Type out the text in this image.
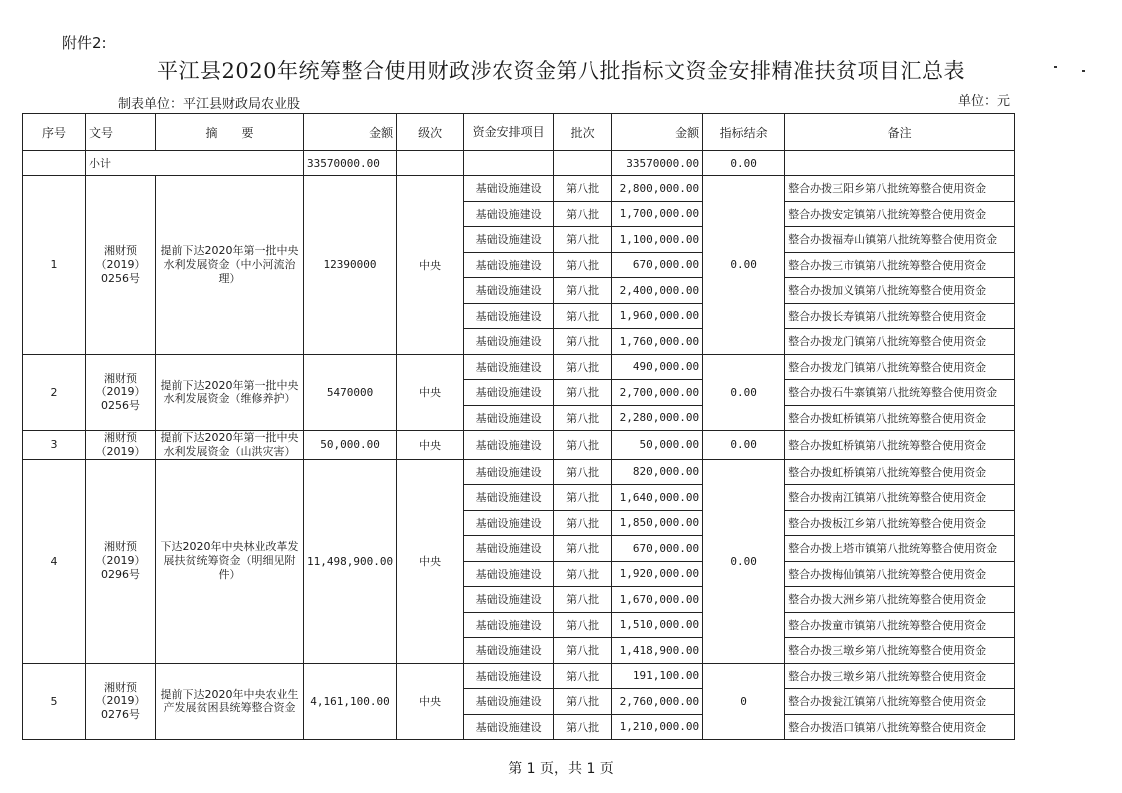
附件2:
平江县2020年统筹整合使用财政涉农资金第八批指标文资金安排精准扶贫项目汇总表
制表单位：平江县财政局农业股	单位：元
序号	文号	摘　　要	金额	级次	资金安排项目	批次	金额	指标结余	备注
	小计		33570000.00				33570000.00	0.00	
1	湘财预 （2019） 0256号	提前下达2020年第一批中央水利发展资金（中小河流治理）	12390000	中央	基础设施建设	第八批	2,800,000.00	0.00	整合办拨三阳乡第八批统筹整合使用资金
					基础设施建设	第八批	1,700,000.00		整合办拨安定镇第八批统筹整合使用资金
					基础设施建设	第八批	1,100,000.00		整合办拨福寿山镇第八批统筹整合使用资金
					基础设施建设	第八批	670,000.00		整合办拨三市镇第八批统筹整合使用资金
					基础设施建设	第八批	2,400,000.00		整合办拨加义镇第八批统筹整合使用资金
					基础设施建设	第八批	1,960,000.00		整合办拨长寿镇第八批统筹整合使用资金
					基础设施建设	第八批	1,760,000.00		整合办拨龙门镇第八批统筹整合使用资金
2	湘财预 （2019） 0256号	提前下达2020年第一批中央水利发展资金（维修养护）	5470000	中央	基础设施建设	第八批	490,000.00	0.00	整合办拨龙门镇第八批统筹整合使用资金
					基础设施建设	第八批	2,700,000.00		整合办拨石牛寨镇第八批统筹整合使用资金
					基础设施建设	第八批	2,280,000.00		整合办拨虹桥镇第八批统筹整合使用资金
3	湘财预 （2019）	提前下达2020年第一批中央水利发展资金（山洪灾害）	50,000.00	中央	基础设施建设	第八批	50,000.00	0.00	整合办拨虹桥镇第八批统筹整合使用资金
4	湘财预 （2019） 0296号	下达2020年中央林业改革发展扶贫统筹资金（明细见附件）	11,498,900.00	中央	基础设施建设	第八批	820,000.00	0.00	整合办拨虹桥镇第八批统筹整合使用资金
					基础设施建设	第八批	1,640,000.00		整合办拨南江镇第八批统筹整合使用资金
					基础设施建设	第八批	1,850,000.00		整合办拨板江乡第八批统筹整合使用资金
					基础设施建设	第八批	670,000.00		整合办拨上塔市镇第八批统筹整合使用资金
					基础设施建设	第八批	1,920,000.00		整合办拨梅仙镇第八批统筹整合使用资金
					基础设施建设	第八批	1,670,000.00		整合办拨大洲乡第八批统筹整合使用资金
					基础设施建设	第八批	1,510,000.00		整合办拨童市镇第八批统筹整合使用资金
					基础设施建设	第八批	1,418,900.00		整合办拨三墩乡第八批统筹整合使用资金
5	湘财预 （2019） 0276号	提前下达2020年中央农业生产发展贫困县统筹整合资金	4,161,100.00	中央	基础设施建设	第八批	191,100.00	0	整合办拨三墩乡第八批统筹整合使用资金
					基础设施建设	第八批	2,760,000.00		整合办拨瓮江镇第八批统筹整合使用资金
					基础设施建设	第八批	1,210,000.00		整合办拨浯口镇第八批统筹整合使用资金
第 1 页，共 1 页
